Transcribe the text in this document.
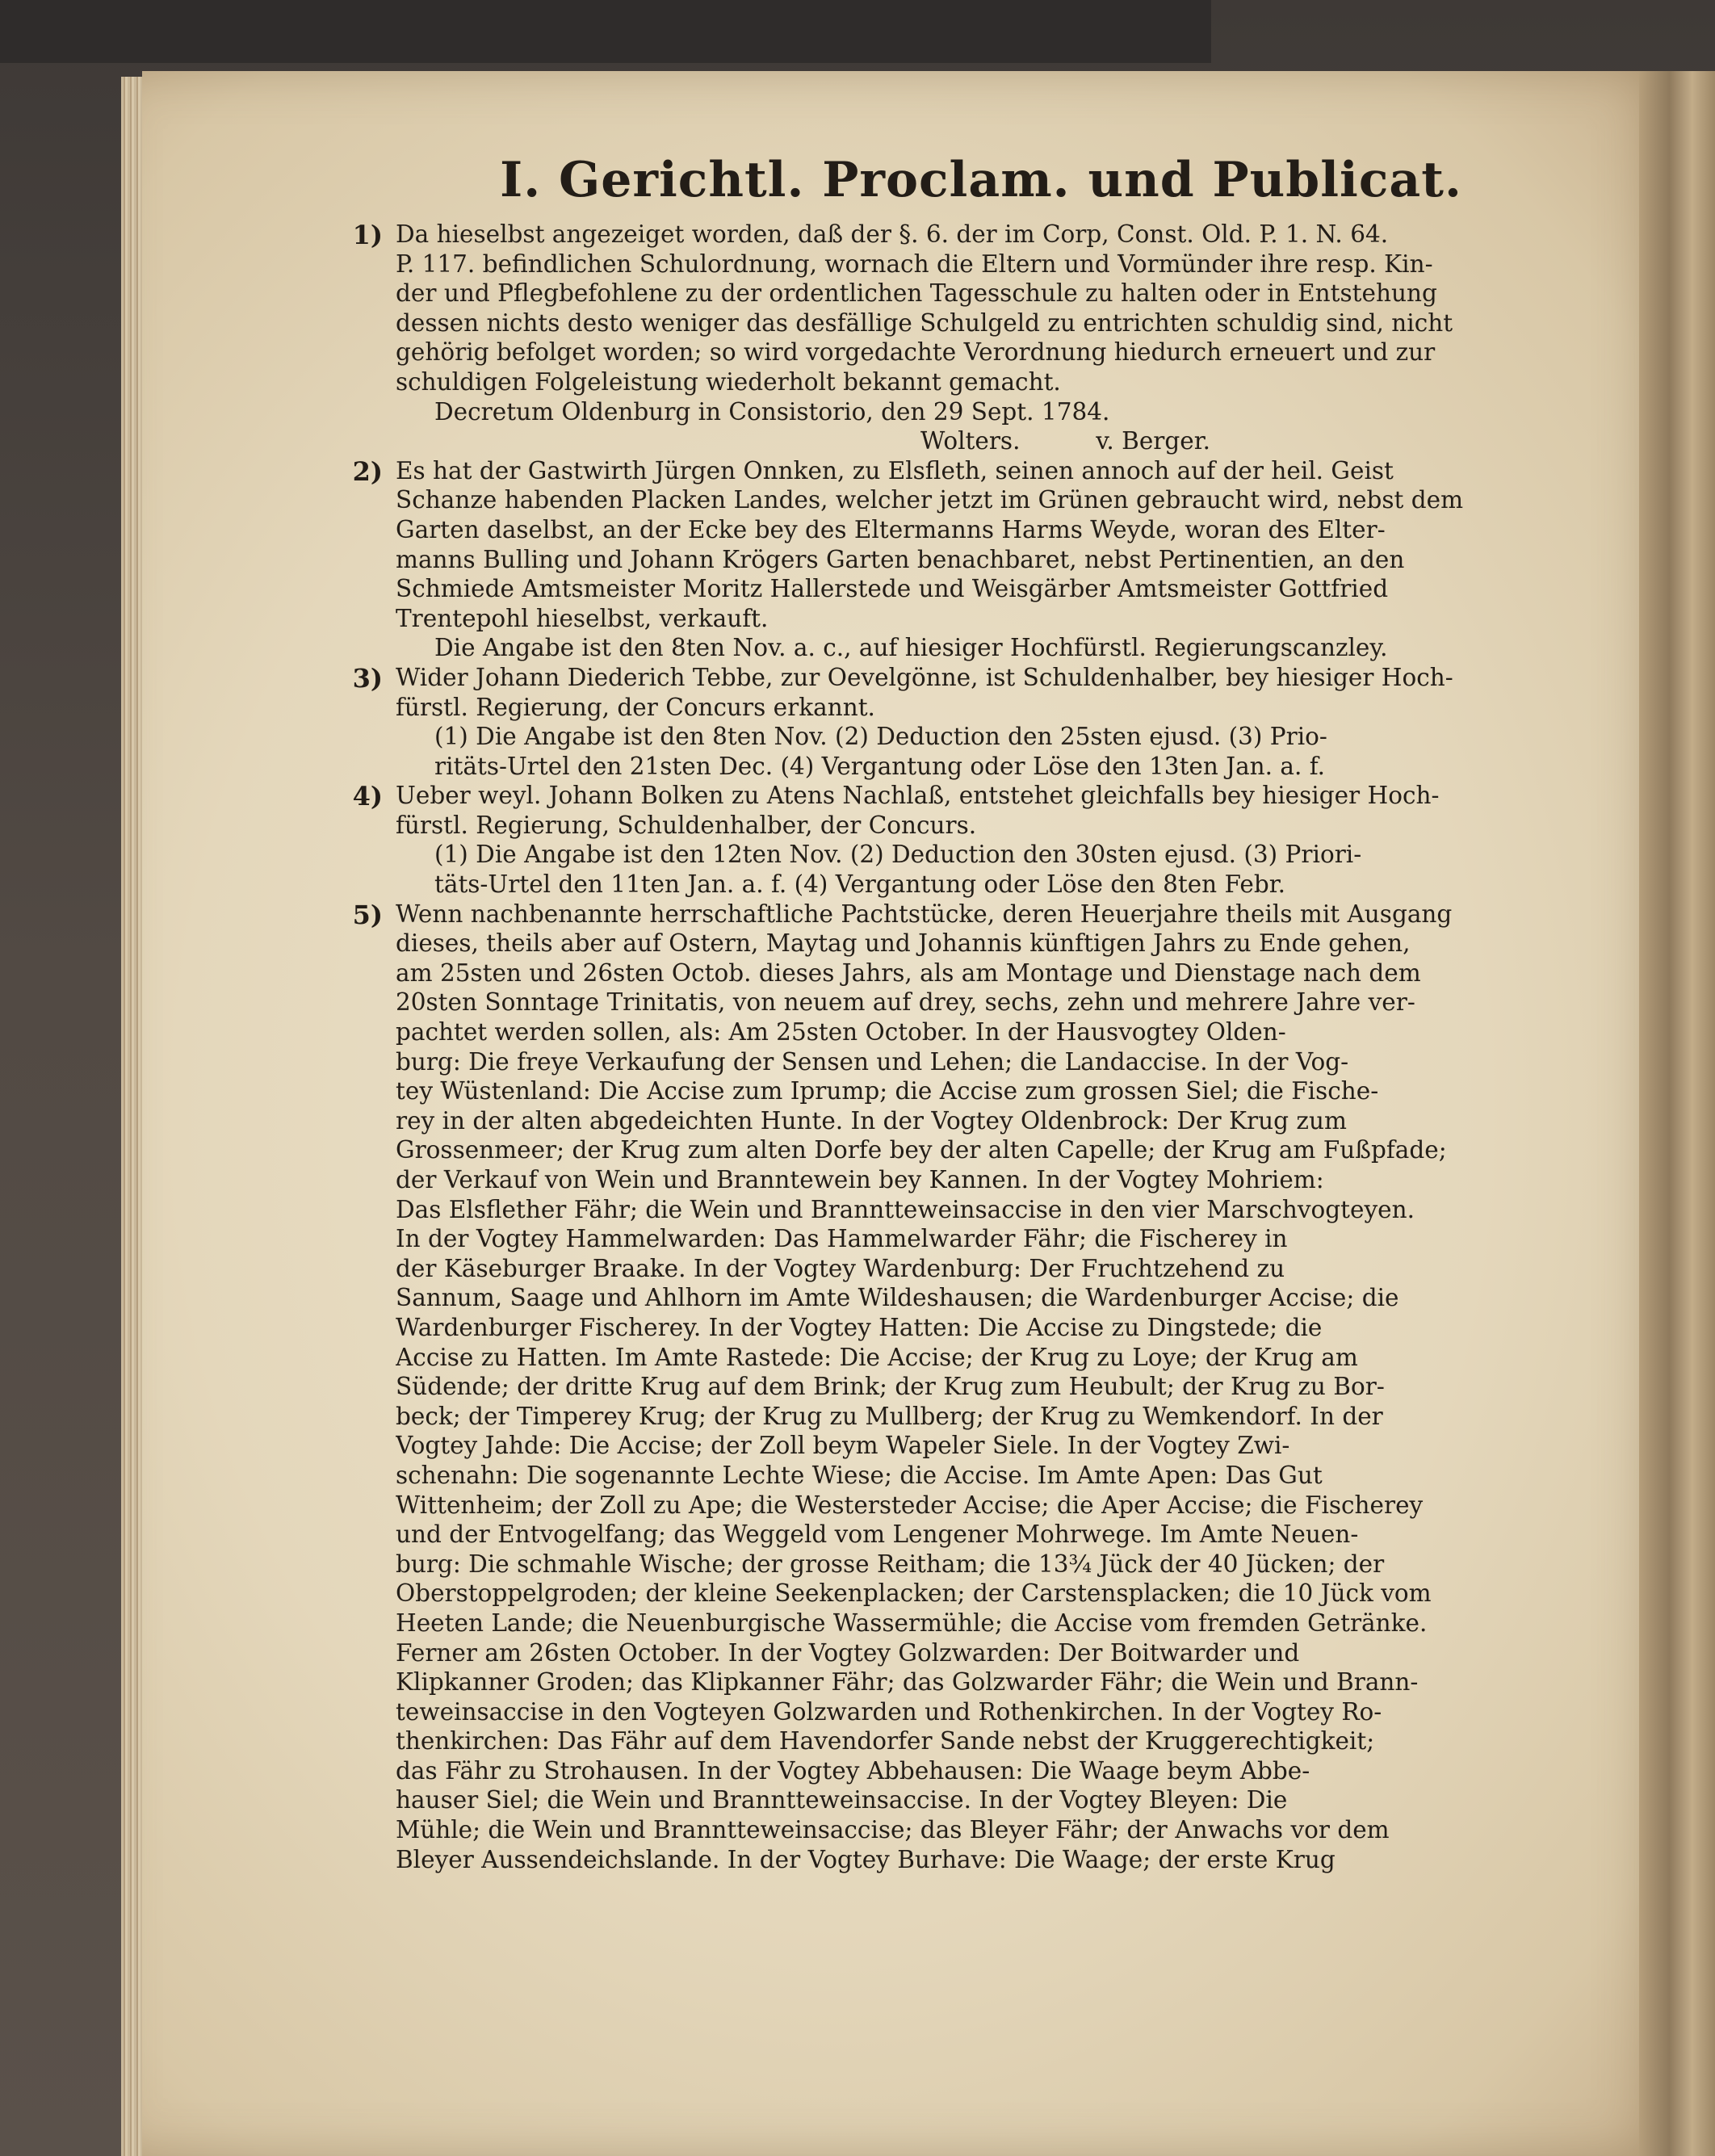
I. Gerichtl. Proclam. und Publicat.
1) Da hieselbst angezeiget worden, daß der §. 6. der im Corp, Const. Old. P. 1. N. 64.
P. 117. befindlichen Schulordnung, wornach die Eltern und Vormünder ihre resp. Kin-
der und Pflegbefohlene zu der ordentlichen Tagesschule zu halten oder in Entstehung
dessen nichts desto weniger das desfällige Schulgeld zu entrichten schuldig sind, nicht
gehörig befolget worden; so wird vorgedachte Verordnung hiedurch erneuert und zur
schuldigen Folgeleistung wiederholt bekannt gemacht.
Decretum Oldenburg in Consistorio, den 29 Sept. 1784.
Wolters.          v. Berger.
2) Es hat der Gastwirth Jürgen Onnken, zu Elsfleth, seinen annoch auf der heil. Geist
Schanze habenden Placken Landes, welcher jetzt im Grünen gebraucht wird, nebst dem
Garten daselbst, an der Ecke bey des Eltermanns Harms Weyde, woran des Elter-
manns Bulling und Johann Krögers Garten benachbaret, nebst Pertinentien, an den
Schmiede Amtsmeister Moritz Hallerstede und Weisgärber Amtsmeister Gottfried
Trentepohl hieselbst, verkauft.
Die Angabe ist den 8ten Nov. a. c., auf hiesiger Hochfürstl. Regierungscanzley.
3) Wider Johann Diederich Tebbe, zur Oevelgönne, ist Schuldenhalber, bey hiesiger Hoch-
fürstl. Regierung, der Concurs erkannt.
(1) Die Angabe ist den 8ten Nov. (2) Deduction den 25sten ejusd. (3) Prio-
ritäts-Urtel den 21sten Dec. (4) Vergantung oder Löse den 13ten Jan. a. f.
4) Ueber weyl. Johann Bolken zu Atens Nachlaß, entstehet gleichfalls bey hiesiger Hoch-
fürstl. Regierung, Schuldenhalber, der Concurs.
(1) Die Angabe ist den 12ten Nov. (2) Deduction den 30sten ejusd. (3) Priori-
täts-Urtel den 11ten Jan. a. f. (4) Vergantung oder Löse den 8ten Febr.
5) Wenn nachbenannte herrschaftliche Pachtstücke, deren Heuerjahre theils mit Ausgang
dieses, theils aber auf Ostern, Maytag und Johannis künftigen Jahrs zu Ende gehen,
am 25sten und 26sten Octob. dieses Jahrs, als am Montage und Dienstage nach dem
20sten Sonntage Trinitatis, von neuem auf drey, sechs, zehn und mehrere Jahre ver-
pachtet werden sollen, als: Am 25sten October. In der Hausvogtey Olden-
burg: Die freye Verkaufung der Sensen und Lehen; die Landaccise. In der Vog-
tey Wüstenland: Die Accise zum Iprump; die Accise zum grossen Siel; die Fische-
rey in der alten abgedeichten Hunte. In der Vogtey Oldenbrock: Der Krug zum
Grossenmeer; der Krug zum alten Dorfe bey der alten Capelle; der Krug am Fußpfade;
der Verkauf von Wein und Branntewein bey Kannen. In der Vogtey Mohriem:
Das Elsflether Fähr; die Wein und Branntteweinsaccise in den vier Marschvogteyen.
In der Vogtey Hammelwarden: Das Hammelwarder Fähr; die Fischerey in
der Käseburger Braake. In der Vogtey Wardenburg: Der Fruchtzehend zu
Sannum, Saage und Ahlhorn im Amte Wildeshausen; die Wardenburger Accise; die
Wardenburger Fischerey. In der Vogtey Hatten: Die Accise zu Dingstede; die
Accise zu Hatten. Im Amte Rastede: Die Accise; der Krug zu Loye; der Krug am
Südende; der dritte Krug auf dem Brink; der Krug zum Heubult; der Krug zu Bor-
beck; der Timperey Krug; der Krug zu Mullberg; der Krug zu Wemkendorf. In der
Vogtey Jahde: Die Accise; der Zoll beym Wapeler Siele. In der Vogtey Zwi-
schenahn: Die sogenannte Lechte Wiese; die Accise. Im Amte Apen: Das Gut
Wittenheim; der Zoll zu Ape; die Westersteder Accise; die Aper Accise; die Fischerey
und der Entvogelfang; das Weggeld vom Lengener Mohrwege. Im Amte Neuen-
burg: Die schmahle Wische; der grosse Reitham; die 13¾ Jück der 40 Jücken; der
Oberstoppelgroden; der kleine Seekenplacken; der Carstensplacken; die 10 Jück vom
Heeten Lande; die Neuenburgische Wassermühle; die Accise vom fremden Getränke.
Ferner am 26sten October. In der Vogtey Golzwarden: Der Boitwarder und
Klipkanner Groden; das Klipkanner Fähr; das Golzwarder Fähr; die Wein und Brann-
teweinsaccise in den Vogteyen Golzwarden und Rothenkirchen. In der Vogtey Ro-
thenkirchen: Das Fähr auf dem Havendorfer Sande nebst der Kruggerechtigkeit;
das Fähr zu Strohausen. In der Vogtey Abbehausen: Die Waage beym Abbe-
hauser Siel; die Wein und Branntteweinsaccise. In der Vogtey Bleyen: Die
Mühle; die Wein und Branntteweinsaccise; das Bleyer Fähr; der Anwachs vor dem
Bleyer Aussendeichslande. In der Vogtey Burhave: Die Waage; der erste Krug
